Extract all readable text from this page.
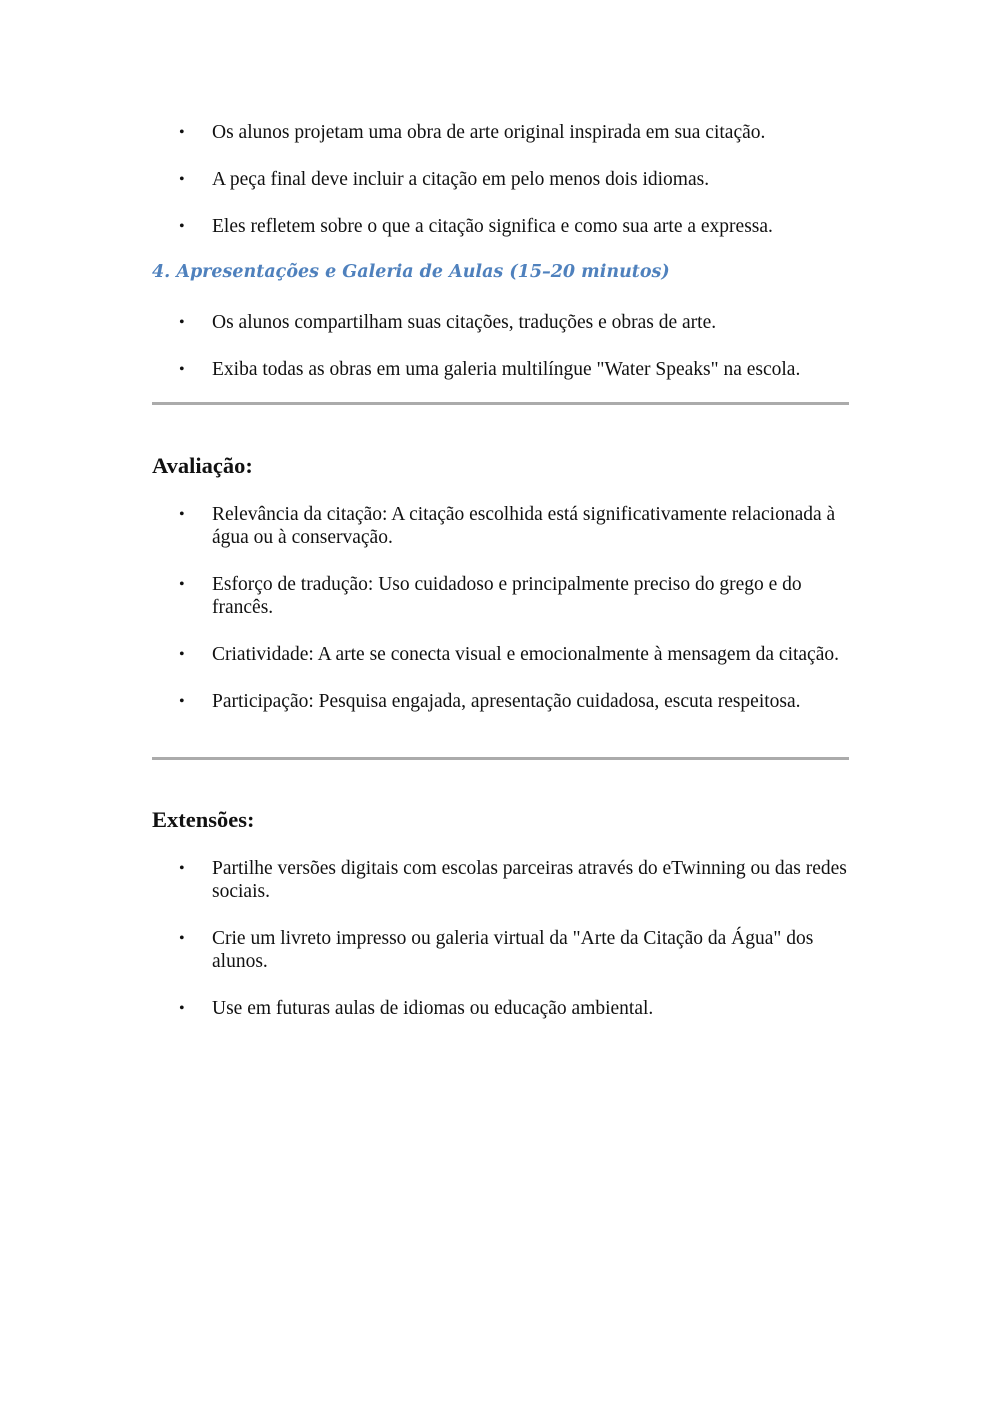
• Os alunos projetam uma obra de arte original inspirada em sua citação.
• A peça final deve incluir a citação em pelo menos dois idiomas.
• Eles refletem sobre o que a citação significa e como sua arte a expressa.
4. Apresentações e Galeria de Aulas (15–20 minutos)
• Os alunos compartilham suas citações, traduções e obras de arte.
• Exiba todas as obras em uma galeria multilíngue "Water Speaks" na escola.
Avaliação:
• Relevância da citação: A citação escolhida está significativamente relacionada à água ou à conservação.
• Esforço de tradução: Uso cuidadoso e principalmente preciso do grego e do francês.
• Criatividade: A arte se conecta visual e emocionalmente à mensagem da citação.
• Participação: Pesquisa engajada, apresentação cuidadosa, escuta respeitosa.
Extensões:
• Partilhe versões digitais com escolas parceiras através do eTwinning ou das redes sociais.
• Crie um livreto impresso ou galeria virtual da "Arte da Citação da Água" dos alunos.
• Use em futuras aulas de idiomas ou educação ambiental.
